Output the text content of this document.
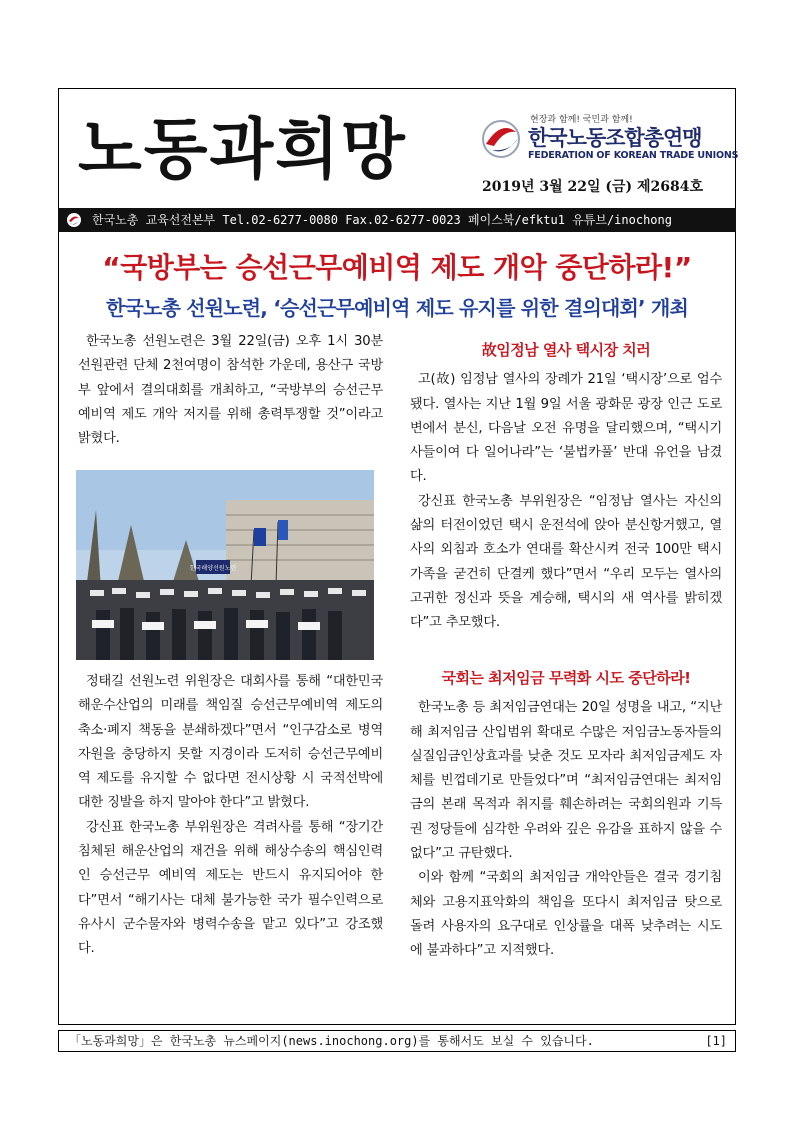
노동과희망	현장과 함께! 국민과 함께!
한국노동조합총연맹
FEDERATION OF KOREAN TRADE UNIONS
2019년 3월 22일 (금) 제2684호
한국노총 교육선전본부 Tel.02-6277-0080 Fax.02-6277-0023 페이스북/efktu1 유튜브/inochong
“국방부는 승선근무예비역 제도 개악 중단하라!”
한국노총 선원노련, ‘승선근무예비역 제도 유지를 위한 결의대회’ 개최

한국노총 선원노련은 3월 22일(금) 오후 1시 30분 선원관련 단체 2천여명이 참석한 가운데, 용산구 국방부 앞에서 결의대회를 개최하고, “국방부의 승선근무예비역 제도 개악 저지를 위해 총력투쟁할 것”이라고 밝혔다.

한국해양선원노련

정태길 선원노련 위원장은 대회사를 통해 “대한민국 해운수산업의 미래를 책임질 승선근무예비역 제도의 축소·폐지 책동을 분쇄하겠다”면서 “인구감소로 병역자원을 충당하지 못할 지경이라 도저히 승선근무예비역 제도를 유지할 수 없다면 전시상황 시 국적선박에 대한 징발을 하지 말아야 한다”고 밝혔다.

강신표 한국노총 부위원장은 격려사를 통해 “장기간 침체된 해운산업의 재건을 위해 해상수송의 핵심인력인 승선근무 예비역 제도는 반드시 유지되어야 한다”면서 “해기사는 대체 불가능한 국가 필수인력으로 유사시 군수물자와 병력수송을 맡고 있다”고 강조했다.

故임정남 열사 택시장 치러

고(故) 임정남 열사의 장례가 21일 ‘택시장’으로 엄수됐다. 열사는 지난 1월 9일 서울 광화문 광장 인근 도로변에서 분신, 다음날 오전 유명을 달리했으며, “택시기사들이여 다 일어나라”는 ‘불법카풀’ 반대 유언을 남겼다.

강신표 한국노총 부위원장은 “임정남 열사는 자신의 삶의 터전이었던 택시 운전석에 앉아 분신항거했고, 열사의 외침과 호소가 연대를 확산시켜 전국 100만 택시가족을 굳건히 단결케 했다”면서 “우리 모두는 열사의 고귀한 정신과 뜻을 계승해, 택시의 새 역사를 밝히겠다”고 추모했다.

국회는 최저임금 무력화 시도 중단하라!

한국노총 등 최저임금연대는 20일 성명을 내고, “지난해 최저임금 산입범위 확대로 수많은 저임금노동자들의 실질임금인상효과를 낮춘 것도 모자라 최저임금제도 자체를 빈껍데기로 만들었다”며 “최저임금연대는 최저임금의 본래 목적과 취지를 훼손하려는 국회의원과 기득권 정당들에 심각한 우려와 깊은 유감을 표하지 않을 수 없다”고 규탄했다.

이와 함께 “국회의 최저임금 개악안들은 결국 경기침체와 고용지표악화의 책임을 또다시 최저임금 탓으로 돌려 사용자의 요구대로 인상률을 대폭 낮추려는 시도에 불과하다”고 지적했다.

「노동과희망」은 한국노총 뉴스페이지(news.inochong.org)를 통해서도 보실 수 있습니다.	[1]
